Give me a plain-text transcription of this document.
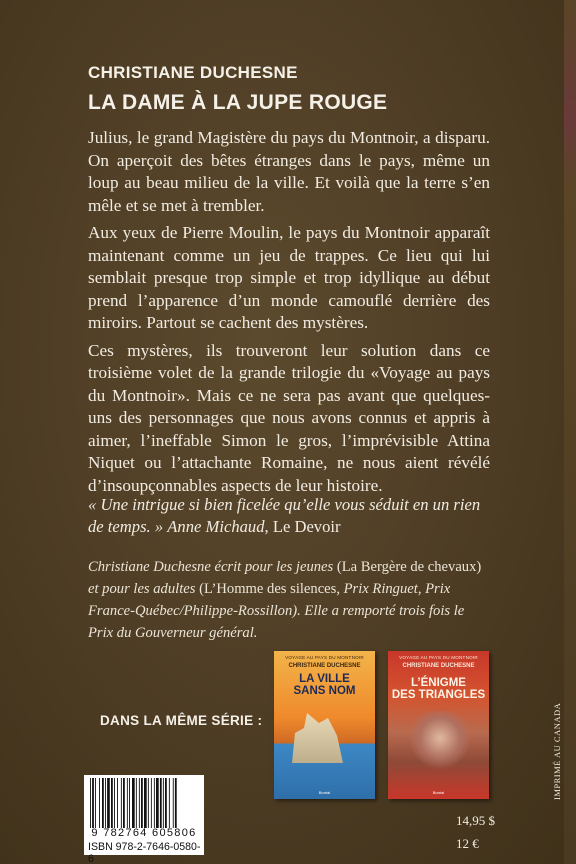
CHRISTIANE DUCHESNE
LA DAME À LA JUPE ROUGE

Julius, le grand Magistère du pays du Montnoir, a disparu. On aperçoit des bêtes étranges dans le pays, même un loup au beau milieu de la ville. Et voilà que la terre s’en mêle et se met à trembler.

Aux yeux de Pierre Moulin, le pays du Montnoir apparaît maintenant comme un jeu de trappes. Ce lieu qui lui semblait presque trop simple et trop idyllique au début prend l’apparence d’un monde camouflé derrière des miroirs. Partout se cachent des mystères.

Ces mystères, ils trouveront leur solution dans ce troisième volet de la grande trilogie du «Voyage au pays du Montnoir». Mais ce ne sera pas avant que quelques-uns des personnages que nous avons connus et appris à aimer, l’ineffable Simon le gros, l’imprévisible Attina Niquet ou l’attachante Romaine, ne nous aient révélé d’insoupçonnables aspects de leur histoire.

« Une intrigue si bien ficelée qu’elle vous séduit en un rien de temps. » Anne Michaud, Le Devoir
Christiane Duchesne écrit pour les jeunes (La Bergère de chevaux) et pour les adultes (L’Homme des silences, Prix Ringuet, Prix France-Québec/Philippe-Rossillon). Elle a remporté trois fois le Prix du Gouverneur général.
DANS LA MÊME SÉRIE :
VOYAGE AU PAYS DU MONTNOIR
CHRISTIANE DUCHESNE
LA VILLE
SANS NOM
Boréal
VOYAGE AU PAYS DU MONTNOIR
CHRISTIANE DUCHESNE
L’ÉNIGME
DES TRIANGLES
Boréal
9 782764 605806
ISBN 978-2-7646-0580-6
14,95 $
12 €
IMPRIMÉ AU CANADA
